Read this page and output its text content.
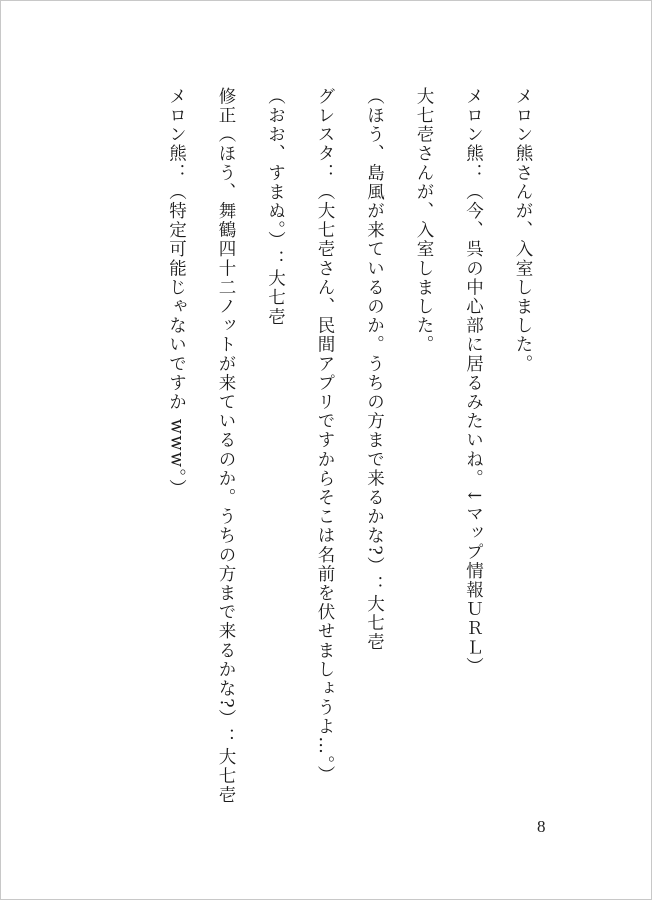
メロン熊さんが、入室しました。
メロン熊：（今、呉の中心部に居るみたいね。↓マップ情報ＵＲＬ）
大七壱さんが、入室しました。
（ほう、島風が来ているのか。うちの方まで来るかな?）：大七壱
グレスタ：（大七壱さん、民間アプリですからそこは名前を伏せましょうよ…。）
（おお、すまぬ。）：大七壱
修正（ほう、舞鶴四十二ノットが来ているのか。うちの方まで来るかな?）：大七壱
メロン熊：（特定可能じゃないですか www。）
8
